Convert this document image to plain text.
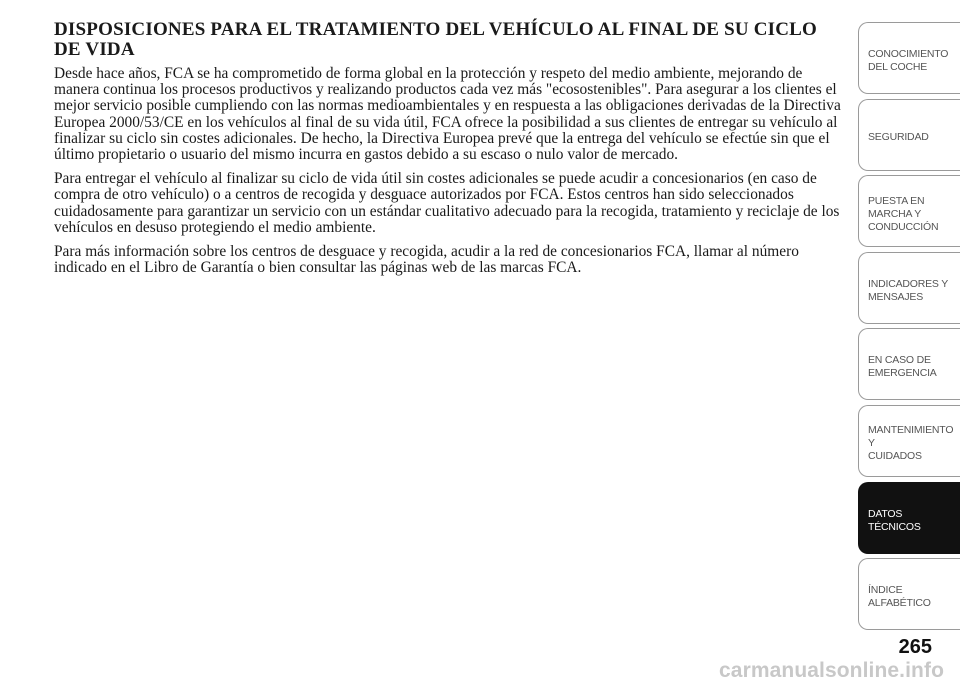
DISPOSICIONES PARA EL TRATAMIENTO DEL VEHÍCULO AL FINAL DE SU CICLO DE VIDA

Desde hace años, FCA se ha comprometido de forma global en la protección y respeto del medio ambiente, mejorando de manera continua los procesos productivos y realizando productos cada vez más "ecosostenibles". Para asegurar a los clientes el mejor servicio posible cumpliendo con las normas medioambientales y en respuesta a las obligaciones derivadas de la Directiva Europea 2000/53/CE en los vehículos al final de su vida útil, FCA ofrece la posibilidad a sus clientes de entregar su vehículo al finalizar su ciclo sin costes adicionales. De hecho, la Directiva Europea prevé que la entrega del vehículo se efectúe sin que el último propietario o usuario del mismo incurra en gastos debido a su escaso o nulo valor de mercado.

Para entregar el vehículo al finalizar su ciclo de vida útil sin costes adicionales se puede acudir a concesionarios (en caso de compra de otro vehículo) o a centros de recogida y desguace autorizados por FCA. Estos centros han sido seleccionados cuidadosamente para garantizar un servicio con un estándar cualitativo adecuado para la recogida, tratamiento y reciclaje de los vehículos en desuso protegiendo el medio ambiente.

Para más información sobre los centros de desguace y recogida, acudir a la red de concesionarios FCA, llamar al número indicado en el Libro de Garantía o bien consultar las páginas web de las marcas FCA.

CONOCIMIENTO
DEL COCHE
SEGURIDAD
PUESTA EN
MARCHA Y
CONDUCCIÓN
INDICADORES Y
MENSAJES
EN CASO DE
EMERGENCIA
MANTENIMIENTO Y
CUIDADOS
DATOS TÉCNICOS
ÍNDICE
ALFABÉTICO
265
carmanualsonline.info
